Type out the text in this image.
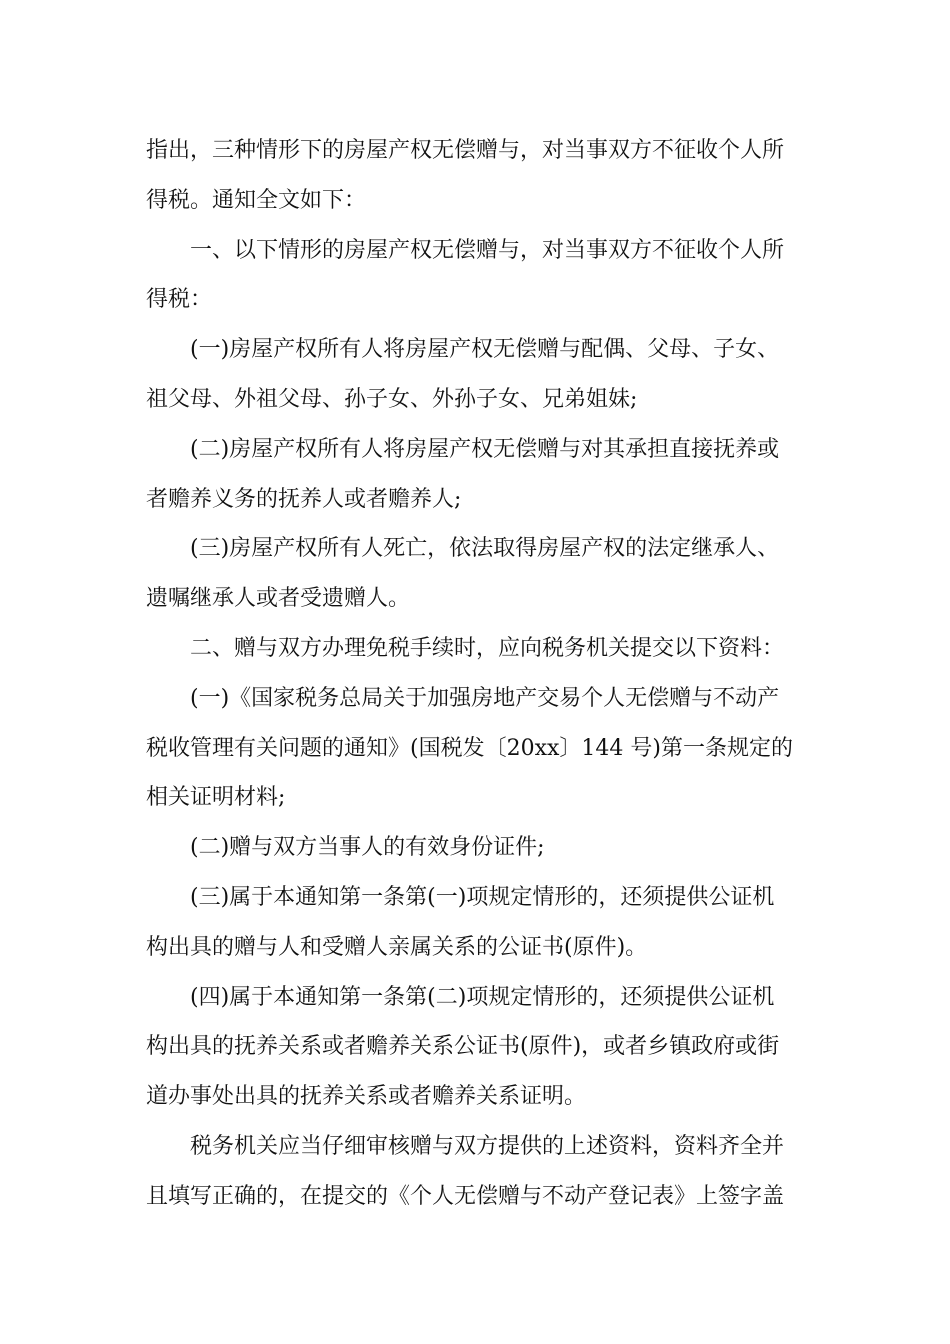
指出，三种情形下的房屋产权无偿赠与，对当事双方不征收个人所
得税。通知全文如下：
一、以下情形的房屋产权无偿赠与，对当事双方不征收个人所
得税：
(一)房屋产权所有人将房屋产权无偿赠与配偶、父母、子女、
祖父母、外祖父母、孙子女、外孙子女、兄弟姐妹;
(二)房屋产权所有人将房屋产权无偿赠与对其承担直接抚养或
者赡养义务的抚养人或者赡养人;
(三)房屋产权所有人死亡，依法取得房屋产权的法定继承人、
遗嘱继承人或者受遗赠人。
二、赠与双方办理免税手续时，应向税务机关提交以下资料：
(一)《国家税务总局关于加强房地产交易个人无偿赠与不动产
税收管理有关问题的通知》(国税发〔20xx〕144 号)第一条规定的
相关证明材料;
(二)赠与双方当事人的有效身份证件;
(三)属于本通知第一条第(一)项规定情形的，还须提供公证机
构出具的赠与人和受赠人亲属关系的公证书(原件)。
(四)属于本通知第一条第(二)项规定情形的，还须提供公证机
构出具的抚养关系或者赡养关系公证书(原件)，或者乡镇政府或街
道办事处出具的抚养关系或者赡养关系证明。
税务机关应当仔细审核赠与双方提供的上述资料，资料齐全并
且填写正确的，在提交的《个人无偿赠与不动产登记表》上签字盖
